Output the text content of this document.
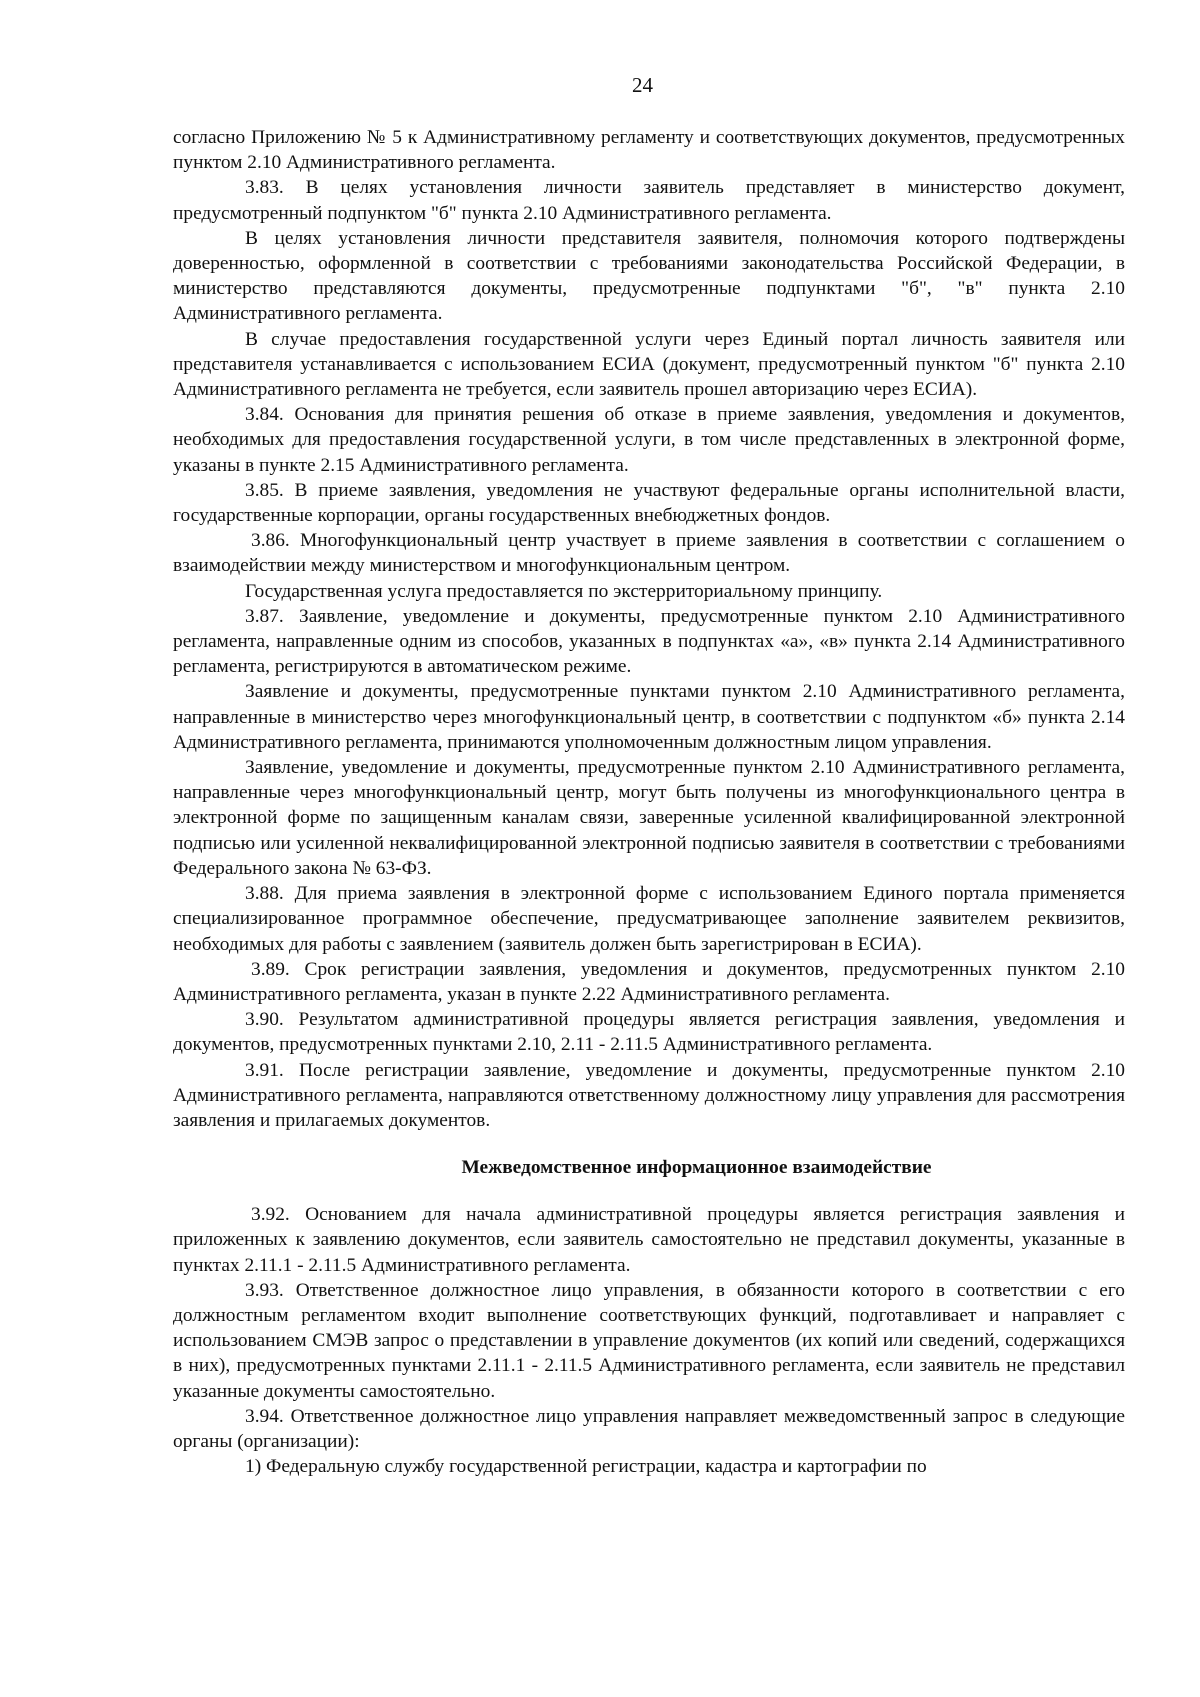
24

согласно Приложению № 5 к Административному регламенту и соответствующих документов, предусмотренных пунктом 2.10 Административного регламента.

3.83. В целях установления личности заявитель представляет в министерство документ, предусмотренный подпунктом "б" пункта 2.10 Административного регламента.

В целях установления личности представителя заявителя, полномочия которого подтверждены доверенностью, оформленной в соответствии с требованиями законодательства Российской Федерации, в министерство представляются документы, предусмотренные подпунктами "б", "в" пункта 2.10 Административного регламента.

В случае предоставления государственной услуги через Единый портал личность заявителя или представителя устанавливается с использованием ЕСИА (документ, предусмотренный пунктом "б" пункта 2.10 Административного регламента не требуется, если заявитель прошел авторизацию через ЕСИА).

3.84. Основания для принятия решения об отказе в приеме заявления, уведомления и документов, необходимых для предоставления государственной услуги, в том числе представленных в электронной форме, указаны в пункте 2.15 Административного регламента.

3.85. В приеме заявления, уведомления не участвуют федеральные органы исполнительной власти, государственные корпорации, органы государственных внебюджетных фондов.

3.86. Многофункциональный центр участвует в приеме заявления в соответствии с соглашением о взаимодействии между министерством и многофункциональным центром.

Государственная услуга предоставляется по экстерриториальному принципу.

3.87. Заявление, уведомление и документы, предусмотренные пунктом 2.10 Административного регламента, направленные одним из способов, указанных в подпунктах «а», «в» пункта 2.14 Административного регламента, регистрируются в автоматическом режиме.

Заявление и документы, предусмотренные пунктами пунктом 2.10 Административного регламента, направленные в министерство через многофункциональный центр, в соответствии с подпунктом «б» пункта 2.14 Административного регламента, принимаются уполномоченным должностным лицом управления.

Заявление, уведомление и документы, предусмотренные пунктом 2.10 Административного регламента, направленные через многофункциональный центр, могут быть получены из многофункционального центра в электронной форме по защищенным каналам связи, заверенные усиленной квалифицированной электронной подписью или усиленной неквалифицированной электронной подписью заявителя в соответствии с требованиями Федерального закона № 63-ФЗ.

3.88. Для приема заявления в электронной форме с использованием Единого портала применяется специализированное программное обеспечение, предусматривающее заполнение заявителем реквизитов, необходимых для работы с заявлением (заявитель должен быть зарегистрирован в ЕСИА).

3.89. Срок регистрации заявления, уведомления и документов, предусмотренных пунктом 2.10 Административного регламента, указан в пункте 2.22 Административного регламента.

3.90. Результатом административной процедуры является регистрация заявления, уведомления и документов, предусмотренных пунктами 2.10, 2.11 - 2.11.5 Административного регламента.

3.91. После регистрации заявление, уведомление и документы, предусмотренные пунктом 2.10 Административного регламента, направляются ответственному должностному лицу управления для рассмотрения заявления и прилагаемых документов.

Межведомственное информационное взаимодействие

3.92. Основанием для начала административной процедуры является регистрация заявления и приложенных к заявлению документов, если заявитель самостоятельно не представил документы, указанные в пунктах 2.11.1 - 2.11.5 Административного регламента.

3.93. Ответственное должностное лицо управления, в обязанности которого в соответствии с его должностным регламентом входит выполнение соответствующих функций, подготавливает и направляет с использованием СМЭВ запрос о представлении в управление документов (их копий или сведений, содержащихся в них), предусмотренных пунктами 2.11.1 - 2.11.5 Административного регламента, если заявитель не представил указанные документы самостоятельно.

3.94. Ответственное должностное лицо управления направляет межведомственный запрос в следующие органы (организации):

1) Федеральную службу государственной регистрации, кадастра и картографии по
